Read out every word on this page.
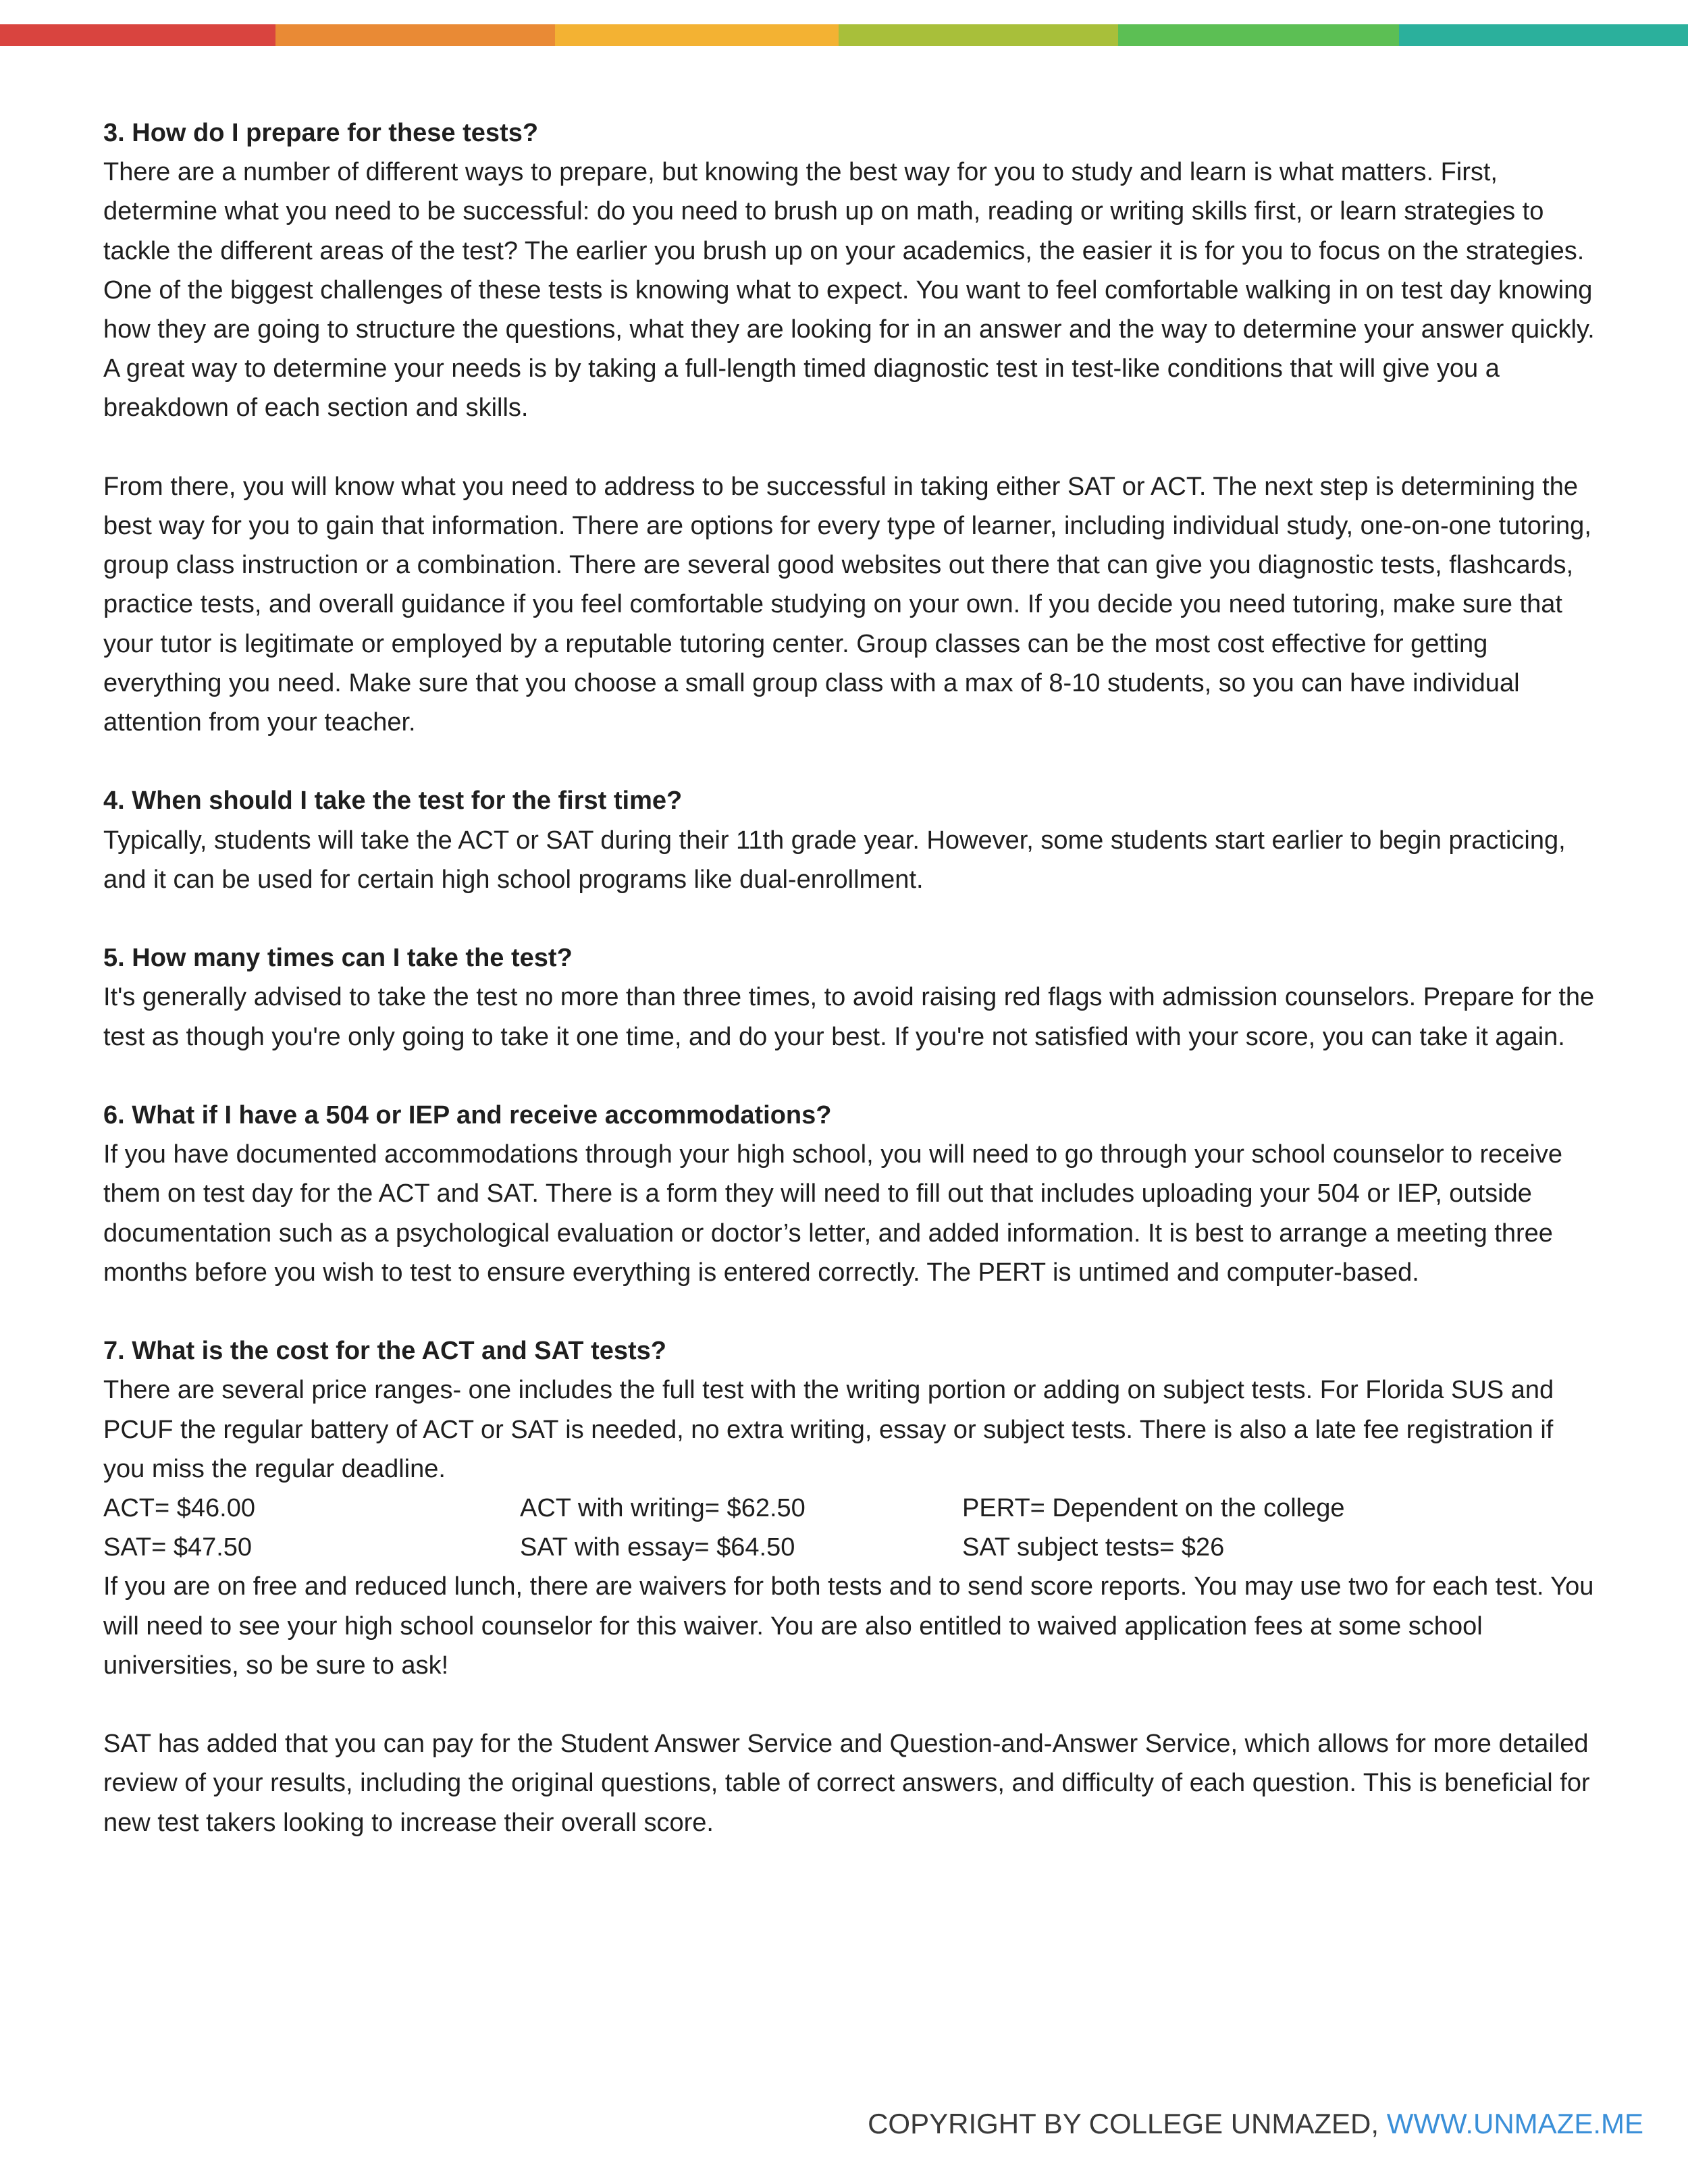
3. How do I prepare for these tests?

There are a number of different ways to prepare, but knowing the best way for you to study and learn is what matters. First, determine what you need to be successful: do you need to brush up on math, reading or writing skills first, or learn strategies to tackle the different areas of the test? The earlier you brush up on your academics, the easier it is for you to focus on the strategies. One of the biggest challenges of these tests is knowing what to expect. You want to feel comfortable walking in on test day knowing how they are going to structure the questions, what they are looking for in an answer and the way to determine your answer quickly. A great way to determine your needs is by taking a full-length timed diagnostic test in test-like conditions that will give you a breakdown of each section and skills.

From there, you will know what you need to address to be successful in taking either SAT or ACT. The next step is determining the best way for you to gain that information. There are options for every type of learner, including individual study, one-on-one tutoring, group class instruction or a combination. There are several good websites out there that can give you diagnostic tests, flashcards, practice tests, and overall guidance if you feel comfortable studying on your own. If you decide you need tutoring, make sure that your tutor is legitimate or employed by a reputable tutoring center. Group classes can be the most cost effective for getting everything you need. Make sure that you choose a small group class with a max of 8-10 students, so you can have individual attention from your teacher.

4. When should I take the test for the first time?

Typically, students will take the ACT or SAT during their 11th grade year. However, some students start earlier to begin practicing, and it can be used for certain high school programs like dual-enrollment.

5. How many times can I take the test?

It's generally advised to take the test no more than three times, to avoid raising red flags with admission counselors. Prepare for the test as though you're only going to take it one time, and do your best. If you're not satisfied with your score, you can take it again.

6. What if I have a 504 or IEP and receive accommodations?

If you have documented accommodations through your high school, you will need to go through your school counselor to receive them on test day for the ACT and SAT. There is a form they will need to fill out that includes uploading your 504 or IEP, outside documentation such as a psychological evaluation or doctor’s letter, and added information. It is best to arrange a meeting three months before you wish to test to ensure everything is entered correctly. The PERT is untimed and computer-based.

7. What is the cost for the ACT and SAT tests?

There are several price ranges- one includes the full test with the writing portion or adding on subject tests. For Florida SUS and PCUF the regular battery of ACT or SAT is needed, no extra writing, essay or subject tests. There is also a late fee registration if you miss the regular deadline.

ACT= $46.00	ACT with writing= $62.50	PERT= Dependent on the college
SAT= $47.50	SAT with essay= $64.50	SAT subject tests= $26

If you are on free and reduced lunch, there are waivers for both tests and to send score reports. You may use two for each test. You will need to see your high school counselor for this waiver. You are also entitled to waived application fees at some school universities, so be sure to ask!

SAT has added that you can pay for the Student Answer Service and Question-and-Answer Service, which allows for more detailed review of your results, including the original questions, table of correct answers, and difficulty of each question. This is beneficial for new test takers looking to increase their overall score.

COPYRIGHT BY COLLEGE UNMAZED, WWW.UNMAZE.ME
